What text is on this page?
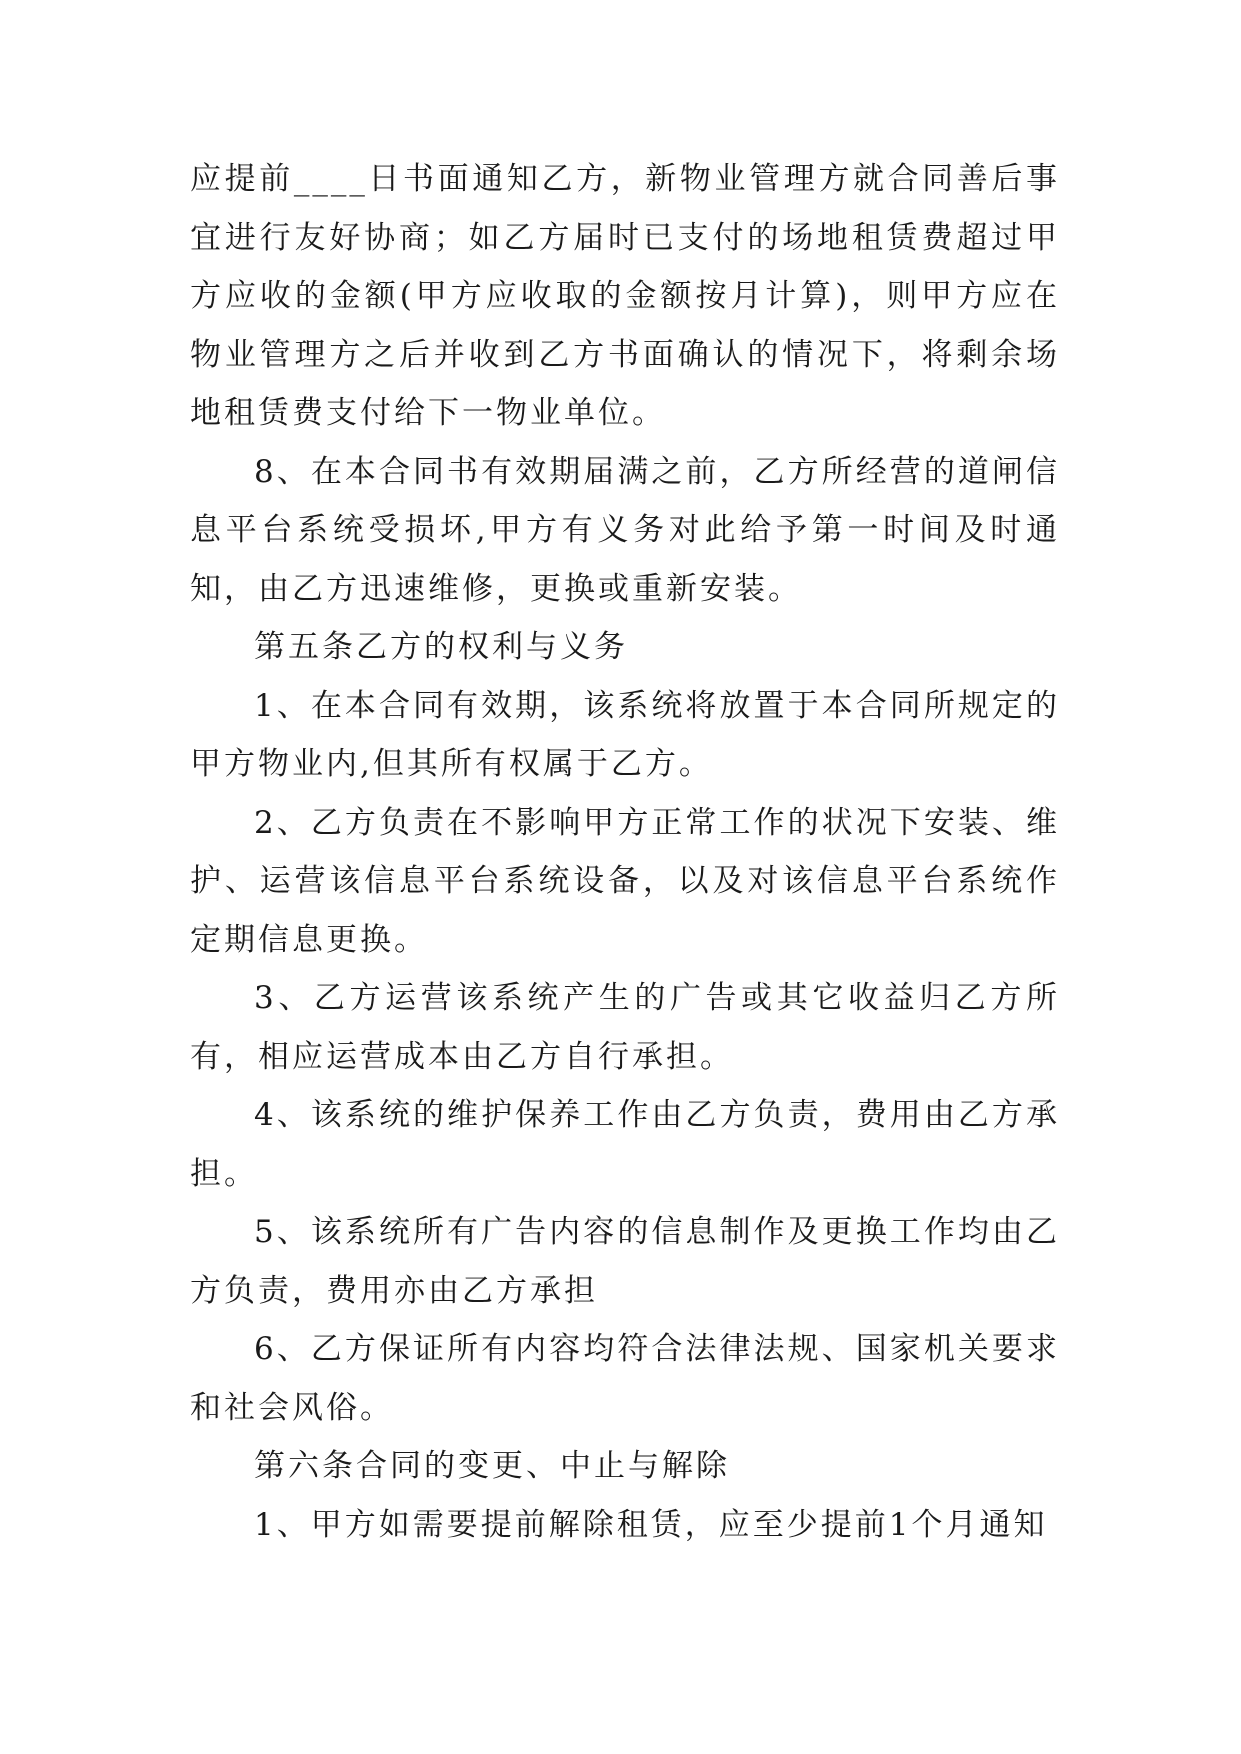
应提前____日书面通知乙方，新物业管理方就合同善后事宜进行友好协商；如乙方届时已支付的场地租赁费超过甲方应收的金额(甲方应收取的金额按月计算)，则甲方应在物业管理方之后并收到乙方书面确认的情况下，将剩余场地租赁费支付给下一物业单位。

8、在本合同书有效期届满之前，乙方所经营的道闸信息平台系统受损坏,甲方有义务对此给予第一时间及时通知，由乙方迅速维修，更换或重新安装。

第五条乙方的权利与义务

1、在本合同有效期，该系统将放置于本合同所规定的甲方物业内,但其所有权属于乙方。

2、乙方负责在不影响甲方正常工作的状况下安装、维护、运营该信息平台系统设备，以及对该信息平台系统作定期信息更换。

3、乙方运营该系统产生的广告或其它收益归乙方所有，相应运营成本由乙方自行承担。

4、该系统的维护保养工作由乙方负责，费用由乙方承担。

5、该系统所有广告内容的信息制作及更换工作均由乙方负责，费用亦由乙方承担

6、乙方保证所有内容均符合法律法规、国家机关要求和社会风俗。

第六条合同的变更、中止与解除

1、甲方如需要提前解除租赁，应至少提前1个月通知
